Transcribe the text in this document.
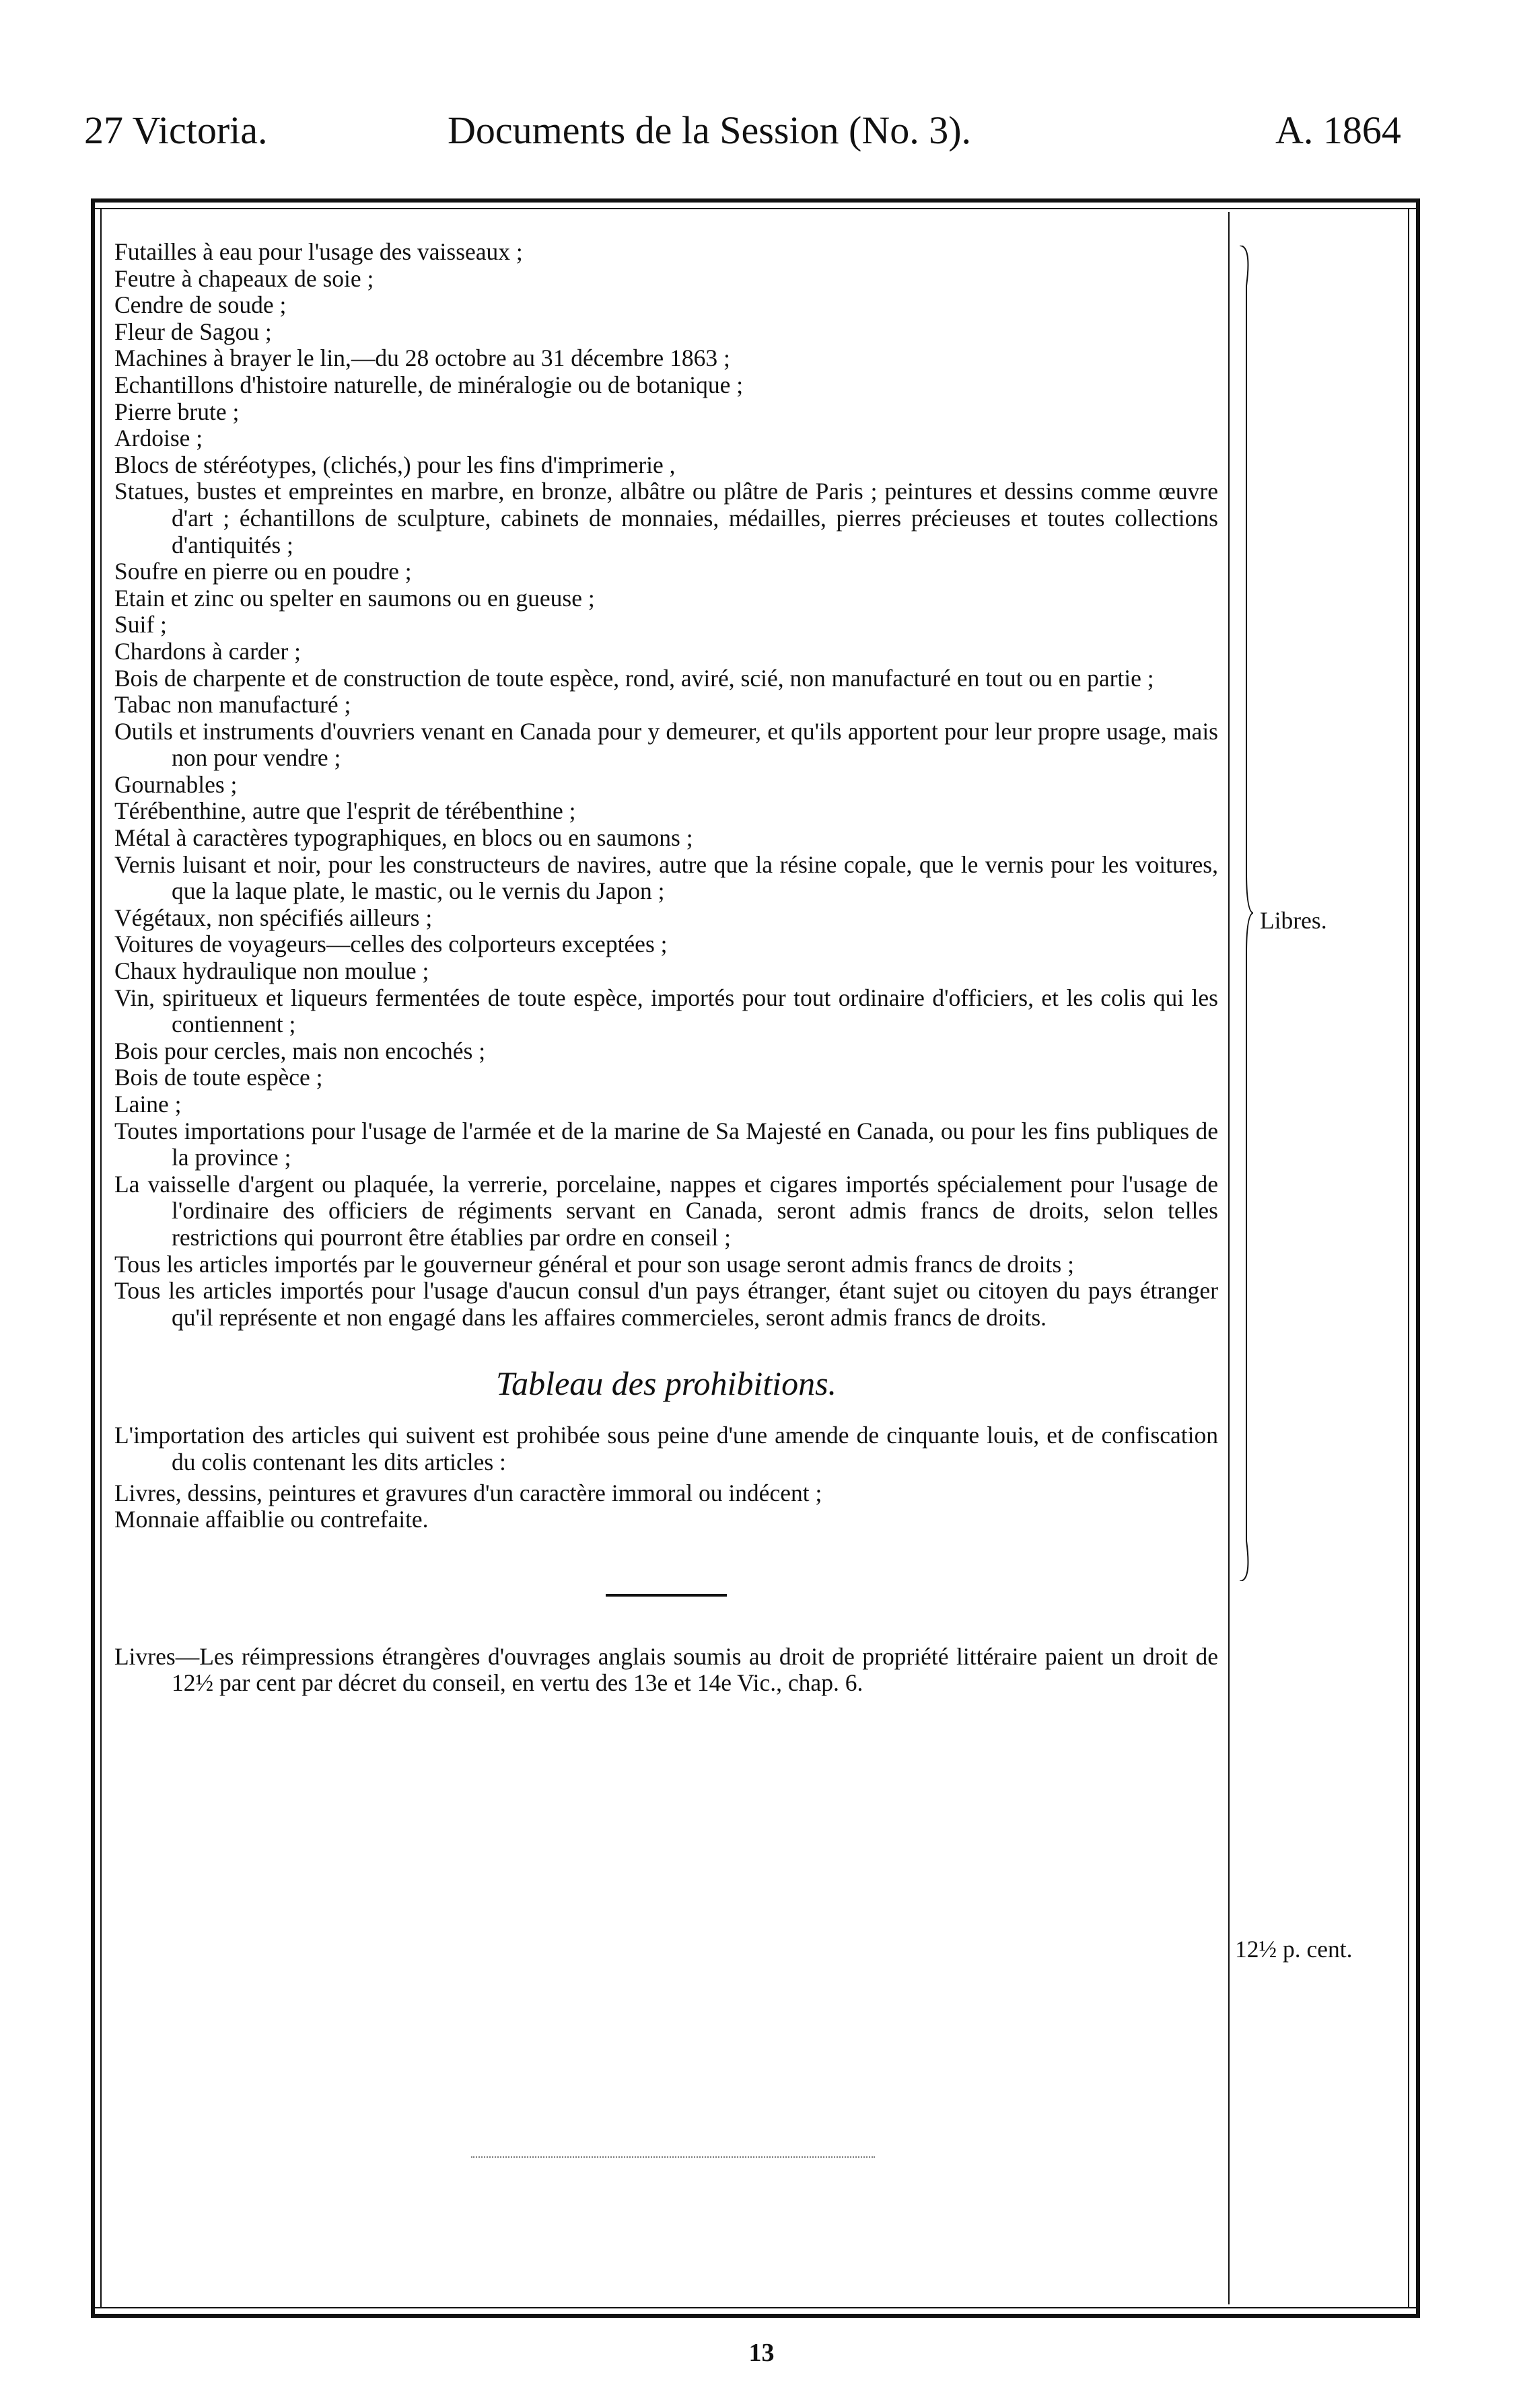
27 Victoria.	Documents de la Session (No. 3).	A. 1864
Libres.

Futailles à eau pour l'usage des vaisseaux ;

Feutre à chapeaux de soie ;

Cendre de soude ;

Fleur de Sagou ;

Machines à brayer le lin,—du 28 octobre au 31 décembre 1863 ;

Echantillons d'histoire naturelle, de minéralogie ou de botanique ;

Pierre brute ;

Ardoise ;

Blocs de stéréotypes, (clichés,) pour les fins d'imprimerie ,

Statues, bustes et empreintes en marbre, en bronze, albâtre ou plâtre de Paris ; peintures et dessins comme œuvre d'art ; échantillons de sculpture, cabinets de monnaies, médailles, pierres précieuses et toutes collections d'antiquités ;

Soufre en pierre ou en poudre ;

Etain et zinc ou spelter en saumons ou en gueuse ;

Suif ;

Chardons à carder ;

Bois de charpente et de construction de toute espèce, rond, aviré, scié, non manufacturé en tout ou en partie ;

Tabac non manufacturé ;

Outils et instruments d'ouvriers venant en Canada pour y demeurer, et qu'ils apportent pour leur propre usage, mais non pour vendre ;

Gournables ;

Térébenthine, autre que l'esprit de térébenthine ;

Métal à caractères typographiques, en blocs ou en saumons ;

Vernis luisant et noir, pour les constructeurs de navires, autre que la résine copale, que le vernis pour les voitures, que la laque plate, le mastic, ou le vernis du Japon ;

Végétaux, non spécifiés ailleurs ;

Voitures de voyageurs—celles des colporteurs exceptées ;

Chaux hydraulique non moulue ;

Vin, spiritueux et liqueurs fermentées de toute espèce, importés pour tout ordinaire d'officiers, et les colis qui les contiennent ;

Bois pour cercles, mais non encochés ;

Bois de toute espèce ;

Laine ;

Toutes importations pour l'usage de l'armée et de la marine de Sa Majesté en Canada, ou pour les fins publiques de la province ;

La vaisselle d'argent ou plaquée, la verrerie, porcelaine, nappes et cigares importés spécialement pour l'usage de l'ordinaire des officiers de régiments servant en Canada, seront admis francs de droits, selon telles restrictions qui pourront être établies par ordre en conseil ;

Tous les articles importés par le gouverneur général et pour son usage seront admis francs de droits ;

Tous les articles importés pour l'usage d'aucun consul d'un pays étranger, étant sujet ou citoyen du pays étranger qu'il représente et non engagé dans les affaires commercieles, seront admis francs de droits.

Tableau des prohibitions.

L'importation des articles qui suivent est prohibée sous peine d'une amende de cinquante louis, et de confiscation du colis contenant les dits articles :

Livres, dessins, peintures et gravures d'un caractère immoral ou indécent ;

Monnaie affaiblie ou contrefaite.

Livres—Les réimpressions étrangères d'ouvrages anglais soumis au droit de propriété littéraire paient un droit de 12½ par cent par décret du conseil, en vertu des 13e et 14e Vic., chap. 6.

12½ p. cent.
13
